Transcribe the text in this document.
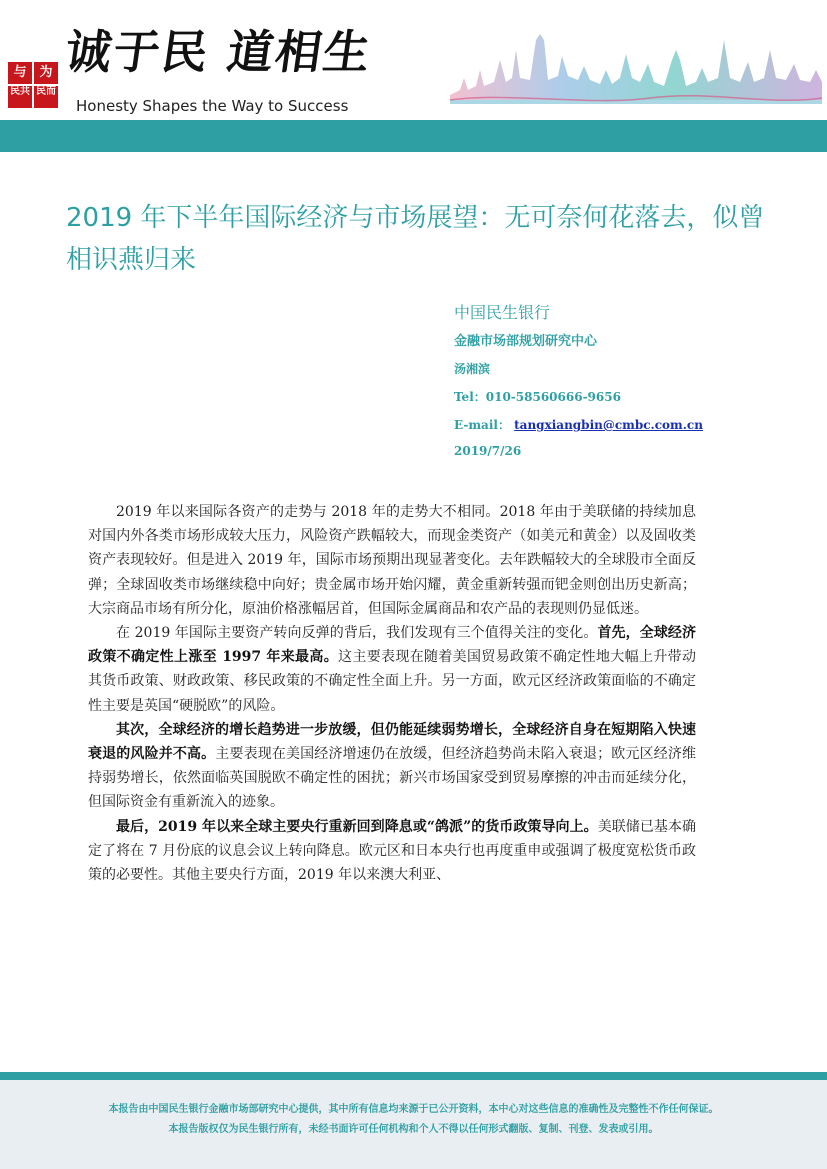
与 为
民共 民而
诚于民 道相生
Honesty Shapes the Way to Success
2019 年下半年国际经济与市场展望：无可奈何花落去，似曾相识燕归来
中国民生银行
金融市场部规划研究中心
汤湘滨
Tel：010-58560666-9656
E-mail： tangxiangbin@cmbc.com.cn
2019/7/26

2019 年以来国际各资产的走势与 2018 年的走势大不相同。2018 年由于美联储的持续加息对国内外各类市场形成较大压力，风险资产跌幅较大，而现金类资产（如美元和黄金）以及固收类资产表现较好。但是进入 2019 年，国际市场预期出现显著变化。去年跌幅较大的全球股市全面反弹；全球固收类市场继续稳中向好；贵金属市场开始闪耀，黄金重新转强而钯金则创出历史新高；大宗商品市场有所分化，原油价格涨幅居首，但国际金属商品和农产品的表现则仍显低迷。

在 2019 年国际主要资产转向反弹的背后，我们发现有三个值得关注的变化。首先，全球经济政策不确定性上涨至 1997 年来最高。这主要表现在随着美国贸易政策不确定性地大幅上升带动其货币政策、财政政策、移民政策的不确定性全面上升。另一方面，欧元区经济政策面临的不确定性主要是英国“硬脱欧”的风险。

其次，全球经济的增长趋势进一步放缓，但仍能延续弱势增长，全球经济自身在短期陷入快速衰退的风险并不高。主要表现在美国经济增速仍在放缓，但经济趋势尚未陷入衰退；欧元区经济维持弱势增长，依然面临英国脱欧不确定性的困扰；新兴市场国家受到贸易摩擦的冲击而延续分化，但国际资金有重新流入的迹象。

最后，2019 年以来全球主要央行重新回到降息或“鸽派”的货币政策导向上。美联储已基本确定了将在 7 月份底的议息会议上转向降息。欧元区和日本央行也再度重申或强调了极度宽松货币政策的必要性。其他主要央行方面，2019 年以来澳大利亚、

本报告由中国民生银行金融市场部研究中心提供，其中所有信息均来源于已公开资料，本中心对这些信息的准确性及完整性不作任何保证。
本报告版权仅为民生银行所有，未经书面许可任何机构和个人不得以任何形式翻版、复制、刊登、发表或引用。
